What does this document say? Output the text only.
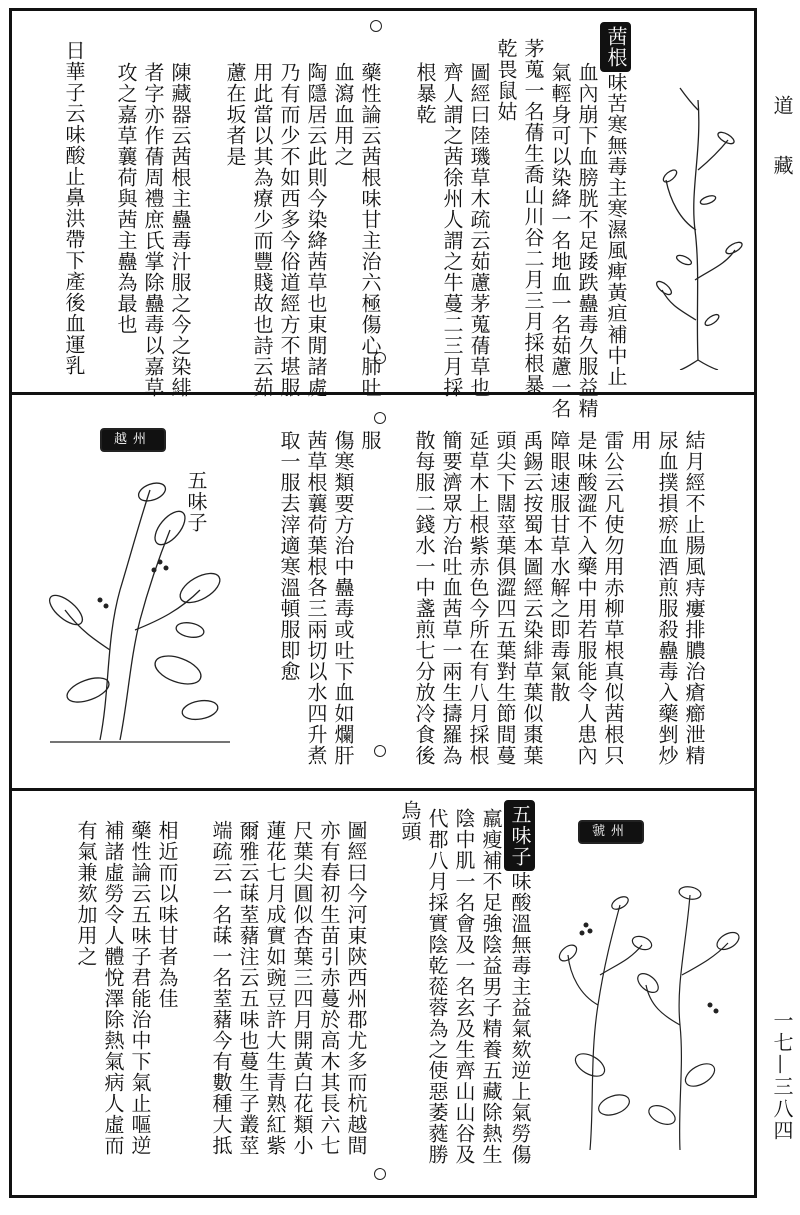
道藏
一七—三八四
茜根味苦寒無毒主寒濕風痺黃疸補中止
血內崩下血膀胱不足踒跌蠱毒久服益精
氣輕身可以染絳一名地血一名茹藘一名
茅蒐一名蒨生喬山川谷二月三月採根暴
乾畏鼠姑
圖經曰陸璣草木疏云茹藘茅蒐蒨草也
齊人謂之茜徐州人謂之牛蔓二三月採
根暴乾
藥性論云茜根味甘主治六極傷心肺吐
血瀉血用之
陶隱居云此則今染絳茜草也東閒諸處
乃有而少不如西多今俗道經方不堪服
用此當以其為療少而豐賤故也詩云茹
藘在坂者是
陳藏器云茜根主蠱毒汁服之今之染緋
者字亦作蒨周禮庶氏掌除蠱毒以嘉草
攻之嘉草蘘荷與茜主蠱為最也
日華子云味酸止鼻洪帶下產後血運乳
越州	結月經不止腸風痔瘻排膿治瘡癤泄精
尿血撲損瘀血酒煎服殺蠱毒入藥剉炒
用
雷公云凡使勿用赤柳草根真似茜根只
是味酸澀不入藥中用若服能令人患內
障眼速服甘草水解之即毒氣散
禹錫云按蜀本圖經云染緋草葉似棗葉
頭尖下闊莖葉俱澀四五葉對生節間蔓
延草木上根紫赤色今所在有八月採根
簡要濟眾方治吐血茜草一兩生擣羅為
散每服二錢水一中盞煎七分放冷食後
服
傷寒類要方治中蠱毒或吐下血如爛肝
茜草根蘘荷葉根各三兩切以水四升煮
取一服去滓適寒溫頓服即愈
五味子
虢州
五味子味酸溫無毒主益氣欬逆上氣勞傷
羸瘦補不足強陰益男子精養五藏除熱生
陰中肌一名會及一名玄及生齊山山谷及
代郡八月採實陰乾蓯蓉為之使惡萎蕤勝
烏頭
圖經曰今河東陝西州郡尤多而杭越間
亦有春初生苗引赤蔓於高木其長六七
尺葉尖圓似杏葉三四月開黃白花類小
蓮花七月成實如豌豆許大生青熟紅紫
爾雅云菋荎藸注云五味也蔓生子叢莖
端疏云一名菋一名荎藸今有數種大抵
相近而以味甘者為佳
藥性論云五味子君能治中下氣止嘔逆
補諸虛勞令人體悅澤除熱氣病人虛而
有氣兼欬加用之
